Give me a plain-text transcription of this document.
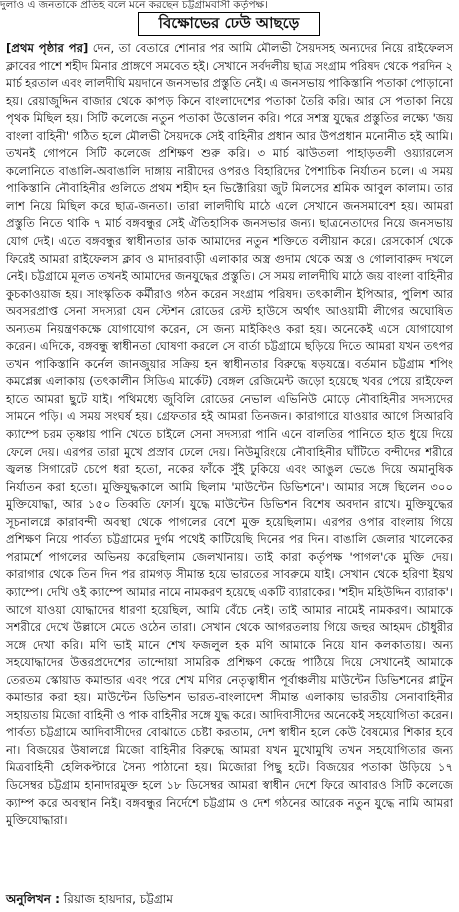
দুলাও এ জনতাকে প্রতিহ বলে মনে করছেন চট্টগ্রামবাসী কর্তৃপক্ষ।
বিক্ষোভের ঢেউ আছড়ে

[প্রথম পৃষ্ঠার পর] দেন, তা বেতারে শোনার পর আমি মৌলভী সৈয়দসহ অন্যদের নিয়ে রাইফেলস ক্লাবের পাশে শহীদ মিনার প্রাঙ্গণে সমবেত হই। সেখানে সর্বদলীয় ছাত্র সংগ্রাম পরিষদ থেকে পরদিন ২ মার্চ হরতাল এবং লালদীঘি ময়দানে জনসভার প্রস্তুতি নেই। এ জনসভায় পাকিস্তানি পতাকা পোড়ানো হয়। রেয়াজুদ্দিন বাজার থেকে কাপড় কিনে বাংলাদেশের পতাকা তৈরি করি। আর সে পতাকা নিয়ে পৃথক মিছিল হয়। সিটি কলেজে নতুন পতাকা উত্তোলন করি। পরে সশস্ত্র যুদ্ধের প্রস্তুতির লক্ষ্যে 'জয় বাংলা বাহিনী' গঠিত হলে মৌলভী সৈয়দকে সেই বাহিনীর প্রধান আর উপপ্রধান মনোনীত হই আমি। তখনই গোপনে সিটি কলেজে প্রশিক্ষণ শুরু করি। ৩ মার্চ ঝাউতলা পাহাড়তলী ওয়্যারলেস কলোনিতে বাঙালি-অবাঙালি দাঙ্গায় নারীদের ওপরও বিহারিদের পৈশাচিক নির্যাতন চলে। এ সময় পাকিস্তানি নৌবাহিনীর গুলিতে প্রথম শহীদ হন ভিক্টোরিয়া জুট মিলসের শ্রমিক আবুল কালাম। তার লাশ নিয়ে মিছিল করে ছাত্র-জনতা। তারা লালদীঘি মাঠে এলে সেখানে জনসমাবেশ হয়। আমরা প্রস্তুতি নিতে থাকি ৭ মার্চ বঙ্গবন্ধুর সেই ঐতিহাসিক জনসভার জন্য। ছাত্রনেতাদের নিয়ে জনসভায় যোগ দেই। এতে বঙ্গবন্ধুর স্বাধীনতার ডাক আমাদের নতুন শক্তিতে বলীয়ান করে। রেসকোর্স থেকে ফিরেই আমরা রাইফেলস ক্লাব ও মাদারবাড়ী এলাকার অস্ত্র গুদাম থেকে অস্ত্র ও গোলাবারুদ দখলে নেই। চট্টগ্রামে মূলত তখনই আমাদের জনযুদ্ধের প্রস্তুতি। সে সময় লালদীঘি মাঠে জয় বাংলা বাহিনীর কুচকাওয়াজ হয়। সাংস্কৃতিক কর্মীরাও গঠন করেন সংগ্রাম পরিষদ। তৎকালীন ইপিআর, পুলিশ আর অবসরপ্রাপ্ত সেনা সদস্যরা যেন স্টেশন রোডের রেস্ট হাউসে অর্থাৎ আওয়ামী লীগের অঘোষিত অন্যতম নিয়ন্ত্রণকক্ষে যোগাযোগ করেন, সে জন্য মাইকিংও করা হয়। অনেকেই এসে যোগাযোগ করেন। এদিকে, বঙ্গবন্ধু স্বাধীনতা ঘোষণা করলে সে বার্তা চট্টগ্রামে ছড়িয়ে দিতে আমরা যখন তৎপর তখন পাকিস্তানি কর্নেল জানজুয়ার সক্রিয় হন স্বাধীনতার বিরুদ্ধে ষড়যন্ত্রে। বর্তমান চট্টগ্রাম শপিং কমপ্লেক্স এলাকায় (তৎকালীন সিডিএ মার্কেট) বেঙ্গল রেজিমেন্ট জড়ো হয়েছে খবর পেয়ে রাইফেল হাতে আমরা ছুটে যাই। পথিমধ্যে জুবিলি রোডের নেভাল এভিনিউ মোড়ে নৌবাহিনীর সদস্যদের সামনে পড়ি। এ সময় সংঘর্ষ হয়। গ্রেফতার হই আমরা তিনজন। কারাগারে যাওয়ার আগে সিআরবি ক্যাম্পে চরম তৃষ্ণায় পানি খেতে চাইলে সেনা সদস্যরা পানি এনে বালতির পানিতে হাত ধুয়ে দিয়ে ফেলে দেয়। এরপর তারা মুখে প্রস্রাব ঢেলে দেয়। নিউমুরিংয়ে নৌবাহিনীর ঘাঁটিতে বন্দীদের শরীরে জ্বলন্ত সিগারেট চেপে ধরা হতো, নকের ফাঁকে সুঁই ঢুকিয়ে এবং আঙুল ভেঙে দিয়ে অমানুষিক নির্যাতন করা হতো। মুক্তিযুদ্ধকালে আমি ছিলাম 'মাউন্টেন ডিভিশনে'। আমার সঙ্গে ছিলেন ৩০০ মুক্তিযোদ্ধা, আর ১৫০ তিব্বতি ফোর্স। যুদ্ধে মাউন্টেন ডিভিশন বিশেষ অবদান রাখে। মুক্তিযুদ্ধের সূচনালগ্নে কারাবন্দী অবস্থা থেকে পাগলের বেশে মুক্ত হয়েছিলাম। এরপর ওপার বাংলায় গিয়ে প্রশিক্ষণ নিয়ে পার্বত্য চট্টগ্রামের দুর্গম পথেই কাটিয়েছি দিনের পর দিন। বাঙালি জেলার খালেকের পরামর্শে পাগলের অভিনয় করেছিলাম জেলখানায়। তাই কারা কর্তৃপক্ষ 'পাগল'কে মুক্তি দেয়। কারাগার থেকে তিন দিন পর রামগড় সীমান্ত হয়ে ভারতের সাবরুমে যাই। সেখান থেকে হরিণা ইয়থ ক্যাম্পে। দেখি ওই ক্যাম্পে আমার নামে নামকরণ হয়েছে একটি ব্যারাকের। 'শহীদ মহিউদ্দিন ব্যারাক'। আগে যাওয়া যোদ্ধাদের ধারণা হয়েছিল, আমি বেঁচে নেই। তাই আমার নামেই নামকরণ। আমাকে সশরীরে দেখে উল্লাসে মেতে ওঠেন তারা। সেখান থেকে আগরতলায় গিয়ে জহুর আহমদ চৌধুরীর সঙ্গে দেখা করি। মণি ভাই মানে শেখ ফজলুল হক মণি আমাকে নিয়ে যান কলকাতায়। অন্য সহযোদ্ধাদের উত্তরপ্রদেশের তান্দোয়া সামরিক প্রশিক্ষণ কেন্দ্রে পাঠিয়ে দিয়ে সেখানেই আমাকে তেরতম স্কোয়াড কমান্ডার এবং পরে শেখ মণির নেতৃত্বাধীন পূর্বাঞ্চলীয় মাউন্টেন ডিভিশনের প্লাটুন কমান্ডার করা হয়। মাউন্টেন ডিভিশন ভারত-বাংলাদেশ সীমান্ত এলাকায় ভারতীয় সেনাবাহিনীর সহায়তায় মিজো বাহিনী ও পাক বাহিনীর সঙ্গে যুদ্ধ করে। আদিবাসীদের অনেকেই সহযোগিতা করেন। পার্বত্য চট্টগ্রামে আদিবাসীদের বোঝাতে চেষ্টা করতাম, দেশ স্বাধীন হলে কেউ বৈষম্যের শিকার হবে না। বিজয়ের উষালগ্নে মিজো বাহিনীর বিরুদ্ধে আমরা যখন মুখোমুখি তখন সহযোগিতার জন্য মিত্রবাহিনী হেলিকপ্টারে সৈন্য পাঠানো হয়। মিজোরা পিছু হটে। বিজয়ের পতাকা উড়িয়ে ১৭ ডিসেম্বর চট্টগ্রাম হানাদারমুক্ত হলে ১৮ ডিসেম্বর আমরা স্বাধীন দেশে ফিরে আবারও সিটি কলেজে ক্যাম্প করে অবস্থান নিই। বঙ্গবন্ধুর নির্দেশে চট্টগ্রাম ও দেশ গঠনের আরেক নতুন যুদ্ধে নামি আমরা মুক্তিযোদ্ধারা।

অনুলিখন : রিয়াজ হায়দার, চট্টগ্রাম
